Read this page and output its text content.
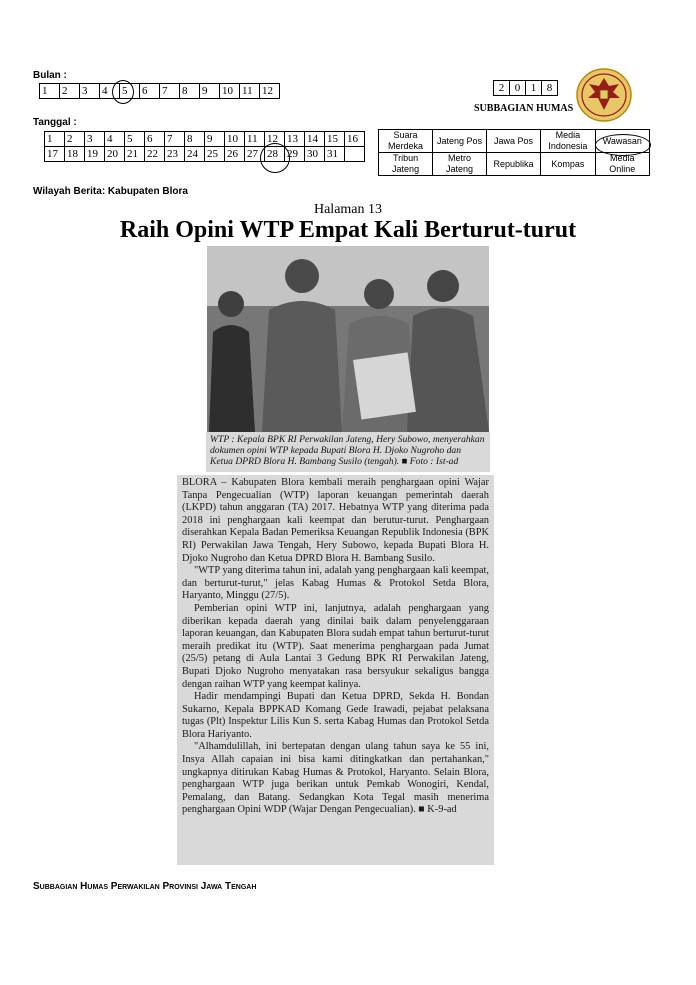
Bulan :
1	2	3	4	5	6	7	8	9	10	11	12
Tanggal :
1	2	3	4	5	6	7	8	9	10	11	12	13	14	15	16
17	18	19	20	21	22	23	24	25	26	27	28	29	30	31	
2	0	1	8
SUBBAGIAN HUMAS
Suara Merdeka	Jateng Pos	Jawa Pos	Media Indonesia	Wawasan
Tribun Jateng	Metro Jateng	Republika	Kompas	Media Online
Wilayah Berita: Kabupaten Blora
Halaman 13
Raih Opini WTP Empat Kali Berturut-turut
WTP : Kepala BPK RI Perwakilan Jateng, Hery Subowo, menyerahkan dokumen opini WTP kepada Bupati Blora H. Djoko Nugroho dan Ketua DPRD Blora H. Bambang Susilo (tengah). ■ Foto : Ist-ad

BLORA – Kabupaten Blora kembali meraih penghargaan opini Wajar Tanpa Pengecualian (WTP) laporan keuangan pemerintah daerah (LKPD) tahun anggaran (TA) 2017. Hebatnya WTP yang diterima pada 2018 ini penghargaan kali keempat dan berutur-turut. Penghargaan diserahkan Kepala Badan Pemeriksa Keuangan Republik Indonesia (BPK RI) Perwakilan Jawa Tengah, Hery Subowo, kepada Bupati Blora H. Djoko Nugroho dan Ketua DPRD Blora H. Bambang Susilo.

"WTP yang diterima tahun ini, adalah yang penghargaan kali keempat, dan berturut-turut," jelas Kabag Humas & Protokol Setda Blora, Haryanto, Minggu (27/5).

Pemberian opini WTP ini, lanjutnya, adalah penghargaan yang diberikan kepada daerah yang dinilai baik dalam penyelenggaraan laporan keuangan, dan Kabupaten Blora sudah empat tahun berturut-turut meraih predikat itu (WTP). Saat menerima penghargaan pada Jumat (25/5) petang di Aula Lantai 3 Gedung BPK RI Perwakilan Jateng, Bupati Djoko Nugroho menyatakan rasa bersyukur sekaligus bangga dengan raihan WTP yang keempat kalinya.

Hadir mendampingi Bupati dan Ketua DPRD, Sekda H. Bondan Sukarno, Kepala BPPKAD Komang Gede Irawadi, pejabat pelaksana tugas (Plt) Inspektur Lilis Kun S. serta Kabag Humas dan Protokol Setda Blora Hariyanto.

"Alhamdulillah, ini bertepatan dengan ulang tahun saya ke 55 ini, Insya Allah capaian ini bisa kami ditingkatkan dan pertahankan," ungkapnya ditirukan Kabag Humas & Protokol, Haryanto. Selain Blora, penghargaan WTP juga berikan untuk Pemkab Wonogiri, Kendal, Pemalang, dan Batang. Sedangkan Kota Tegal masih menerima penghargaan Opini WDP (Wajar Dengan Pengecualian). ■ K-9-ad

Subbagian Humas Perwakilan Provinsi Jawa Tengah
